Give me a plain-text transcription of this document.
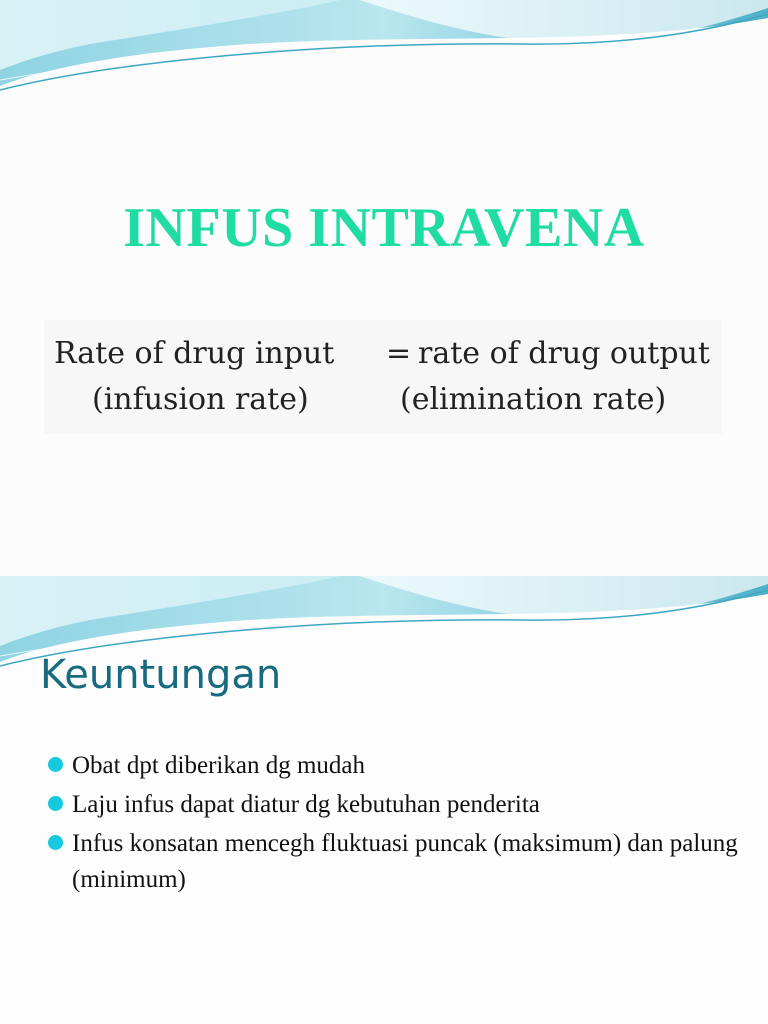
INFUS INTRAVENA
Rate of drug input = rate of drug output
(infusion rate)	(elimination rate)
Keuntungan
Obat dpt diberikan dg mudah
Laju infus dapat diatur dg kebutuhan penderita
Infus konsatan mencegh fluktuasi puncak (maksimum) dan palung (minimum)
